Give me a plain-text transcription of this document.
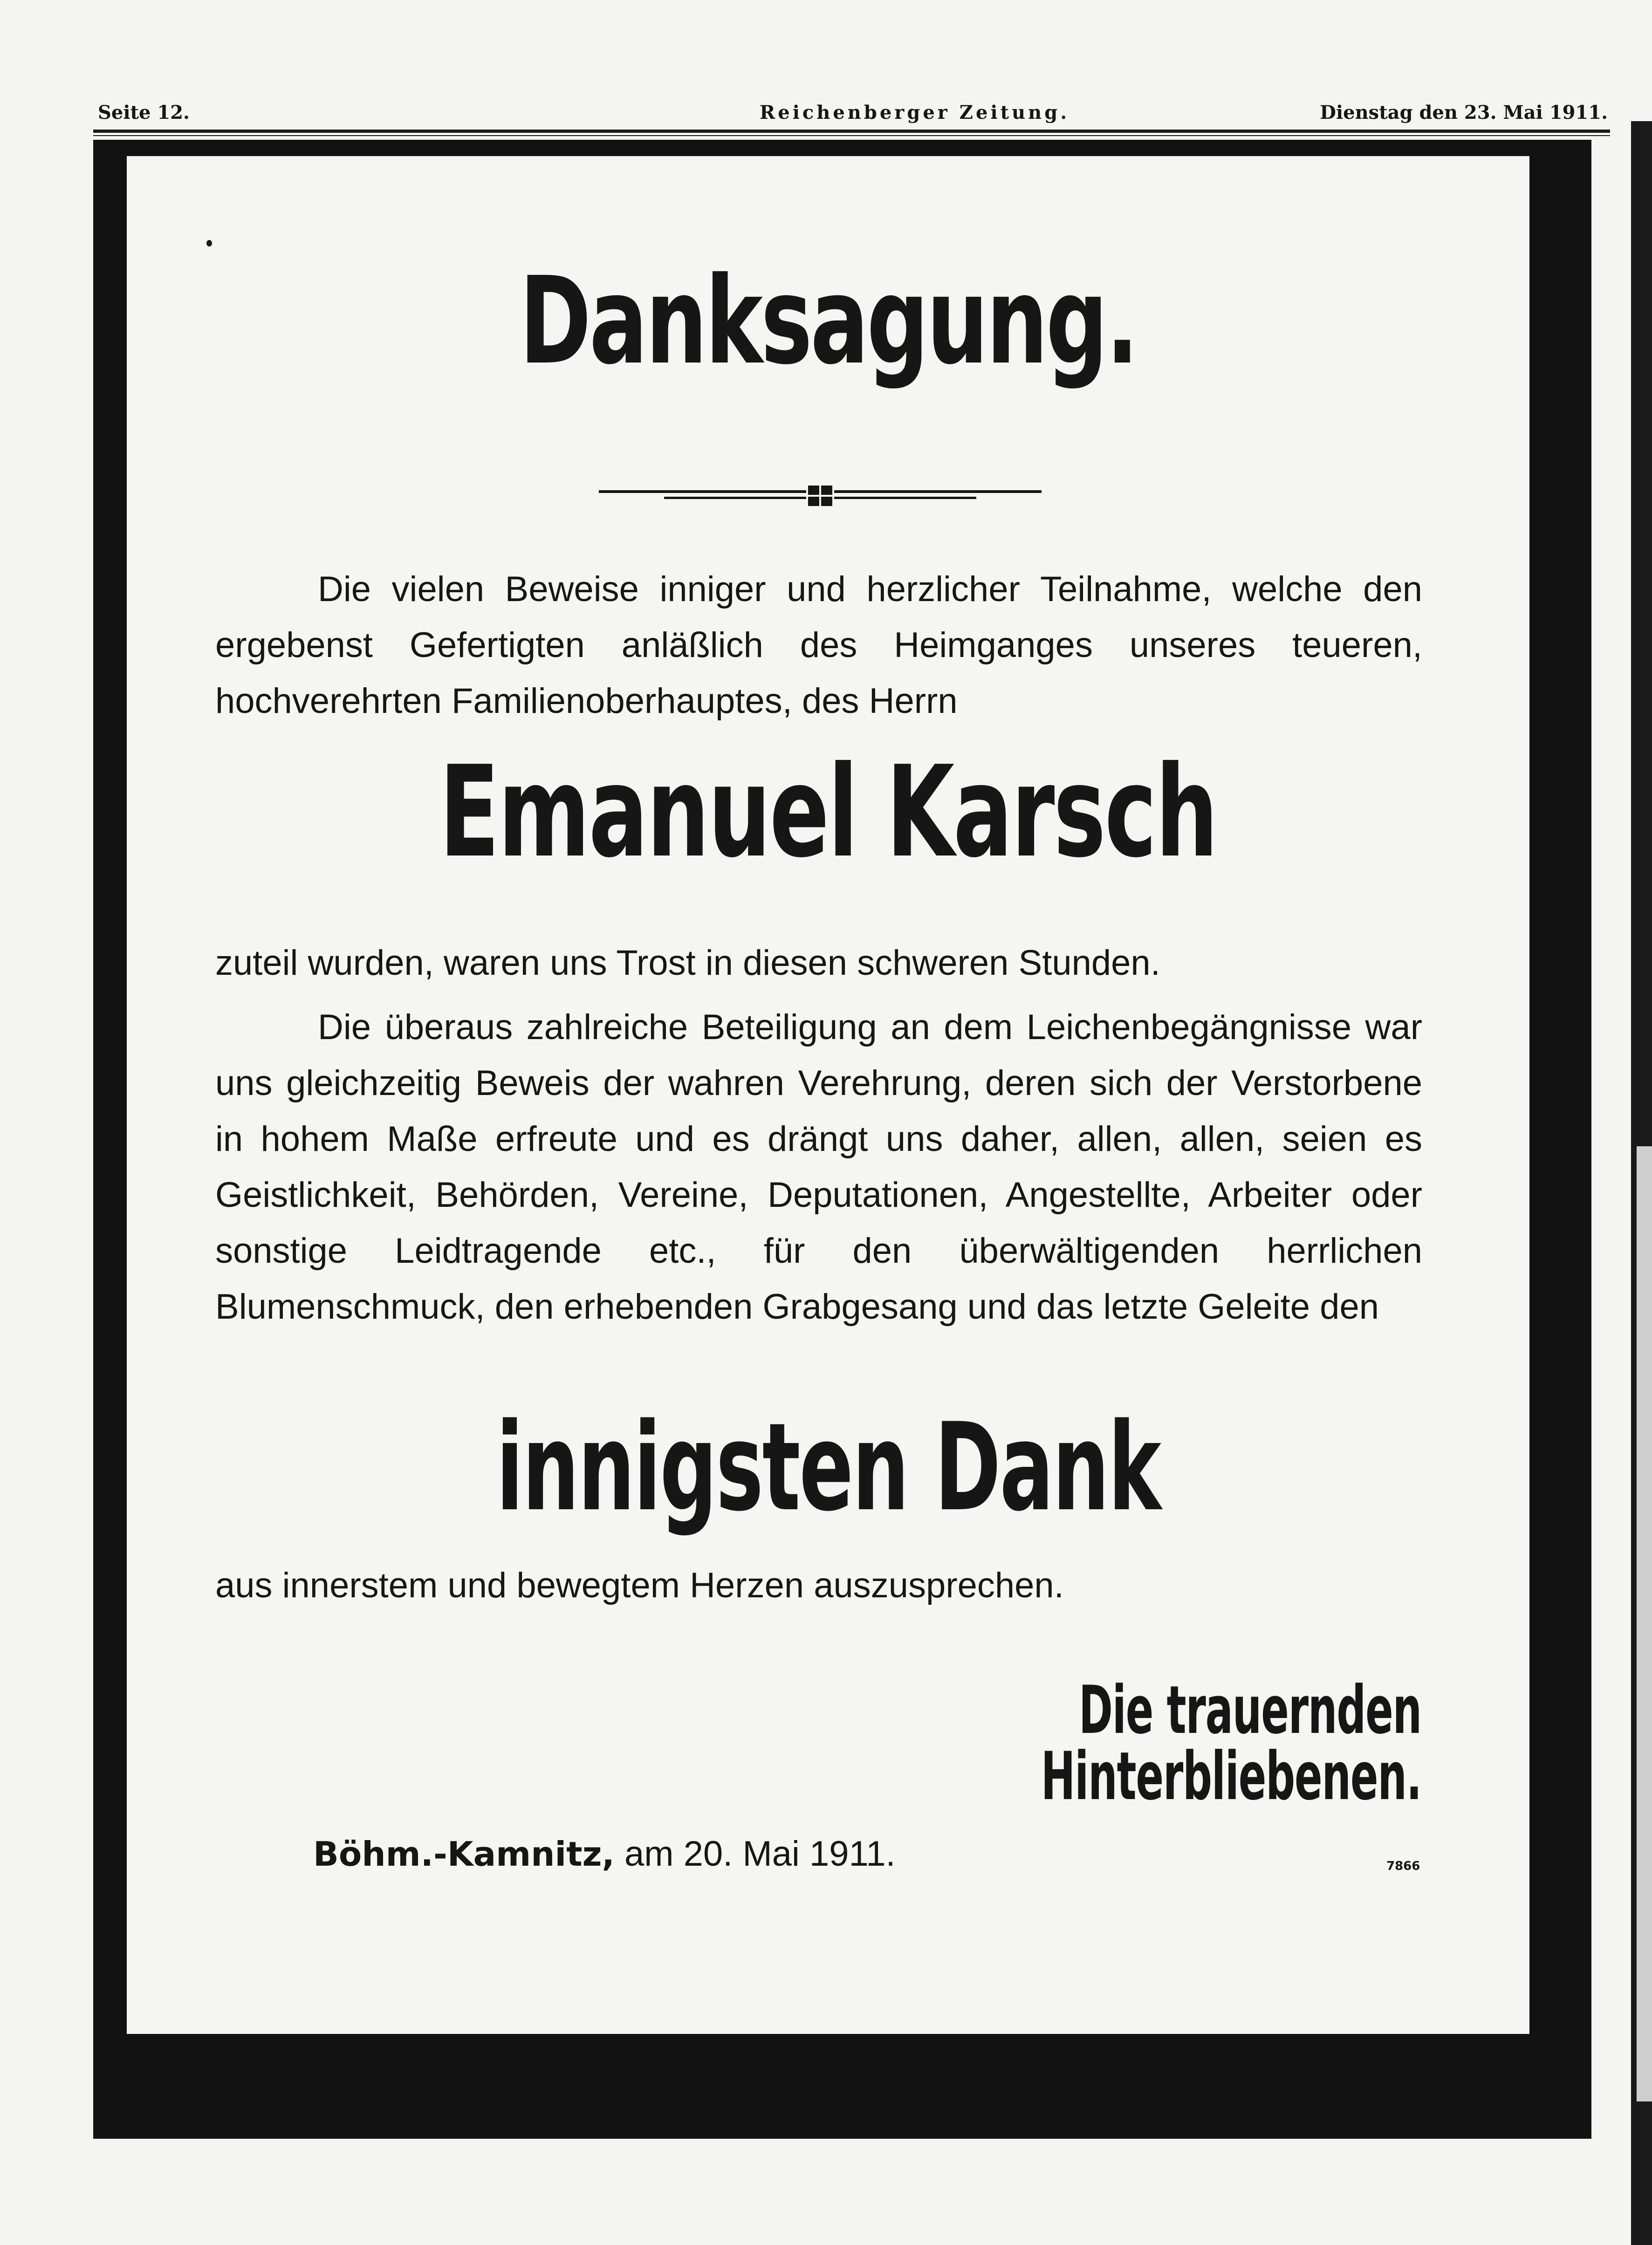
Seite 12.	Reichenberger Zeitung.	Dienstag den 23. Mai 1911.
Danksagung.

Die vielen Beweise inniger und herzlicher Teilnahme, welche den ergebenst Gefertigten anläßlich des Heimganges unseres teueren, hochverehrten Familienoberhauptes, des Herrn

Emanuel Karsch

zuteil wurden, waren uns Trost in diesen schweren Stunden.

Die überaus zahlreiche Beteiligung an dem Leichenbegängnisse war uns gleichzeitig Beweis der wahren Verehrung, deren sich der Verstorbene in hohem Maße erfreute und es drängt uns daher, allen, allen, seien es Geistlichkeit, Behörden, Vereine, Deputationen, Angestellte, Arbeiter oder sonstige Leidtragende etc., für den überwältigenden herrlichen Blumenschmuck, den erhebenden Grabgesang und das letzte Geleite den

innigsten Dank

aus innerstem und bewegtem Herzen auszusprechen.

Die trauernden Hinterbliebenen.
Böhm.-Kamnitz, am 20. Mai 1911.	7866
